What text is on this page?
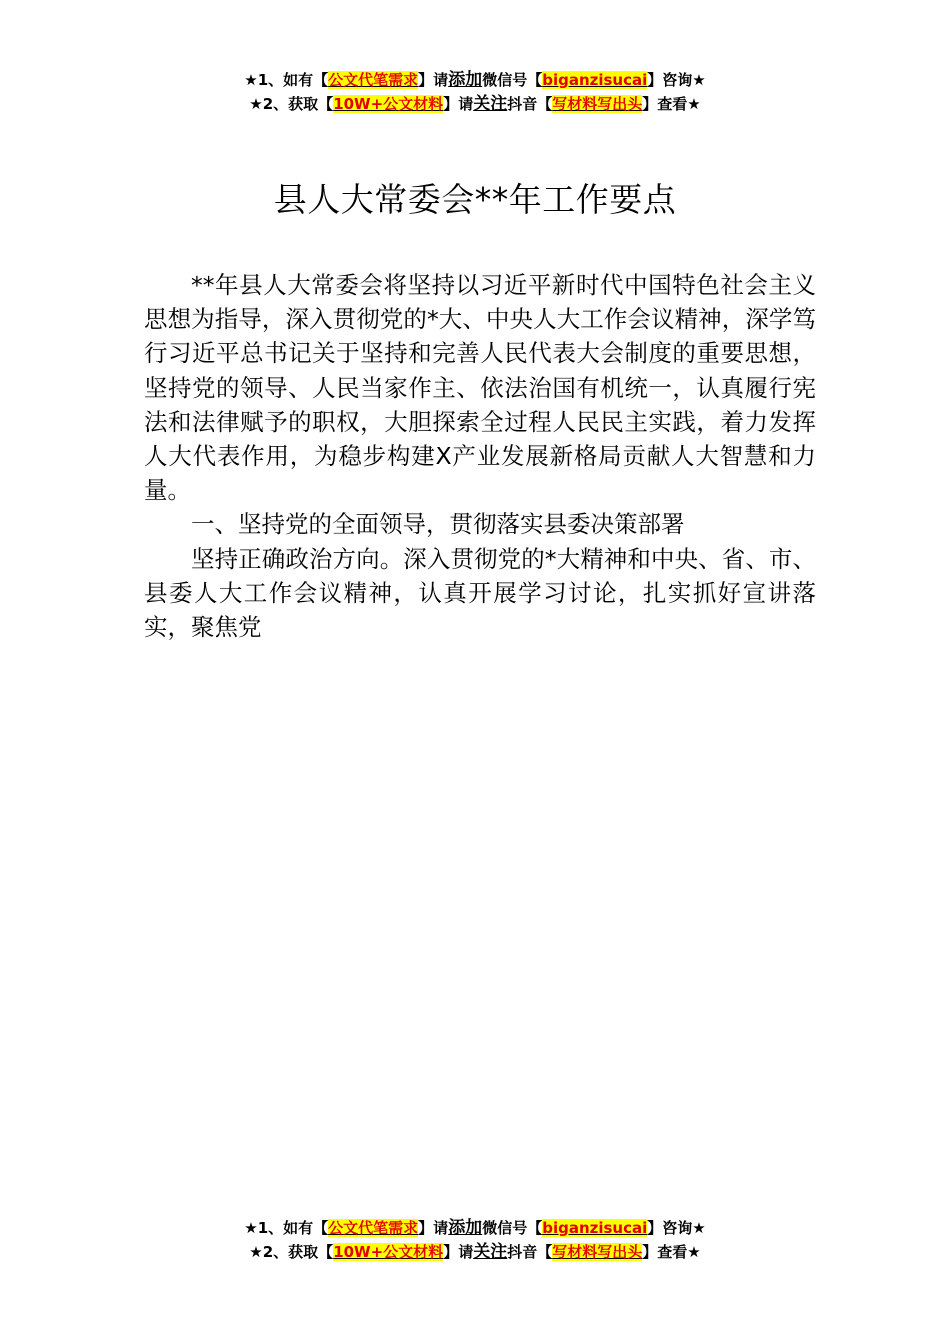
★1、如有【公文代笔需求】请添加微信号【biganzisucai】咨询★
★2、获取【10W+公文材料】请关注抖音【写材料写出头】查看★
县人大常委会**年工作要点

**年县人大常委会将坚持以习近平新时代中国特色社会主义思想为指导，深入贯彻党的*大、中央人大工作会议精神，深学笃行习近平总书记关于坚持和完善人民代表大会制度的重要思想，坚持党的领导、人民当家作主、依法治国有机统一，认真履行宪法和法律赋予的职权，大胆探索全过程人民民主实践，着力发挥人大代表作用，为稳步构建X产业发展新格局贡献人大智慧和力量。

一、坚持党的全面领导，贯彻落实县委决策部署

坚持正确政治方向。深入贯彻党的*大精神和中央、省、市、县委人大工作会议精神，认真开展学习讨论，扎实抓好宣讲落实，聚焦党

★1、如有【公文代笔需求】请添加微信号【biganzisucai】咨询★
★2、获取【10W+公文材料】请关注抖音【写材料写出头】查看★
